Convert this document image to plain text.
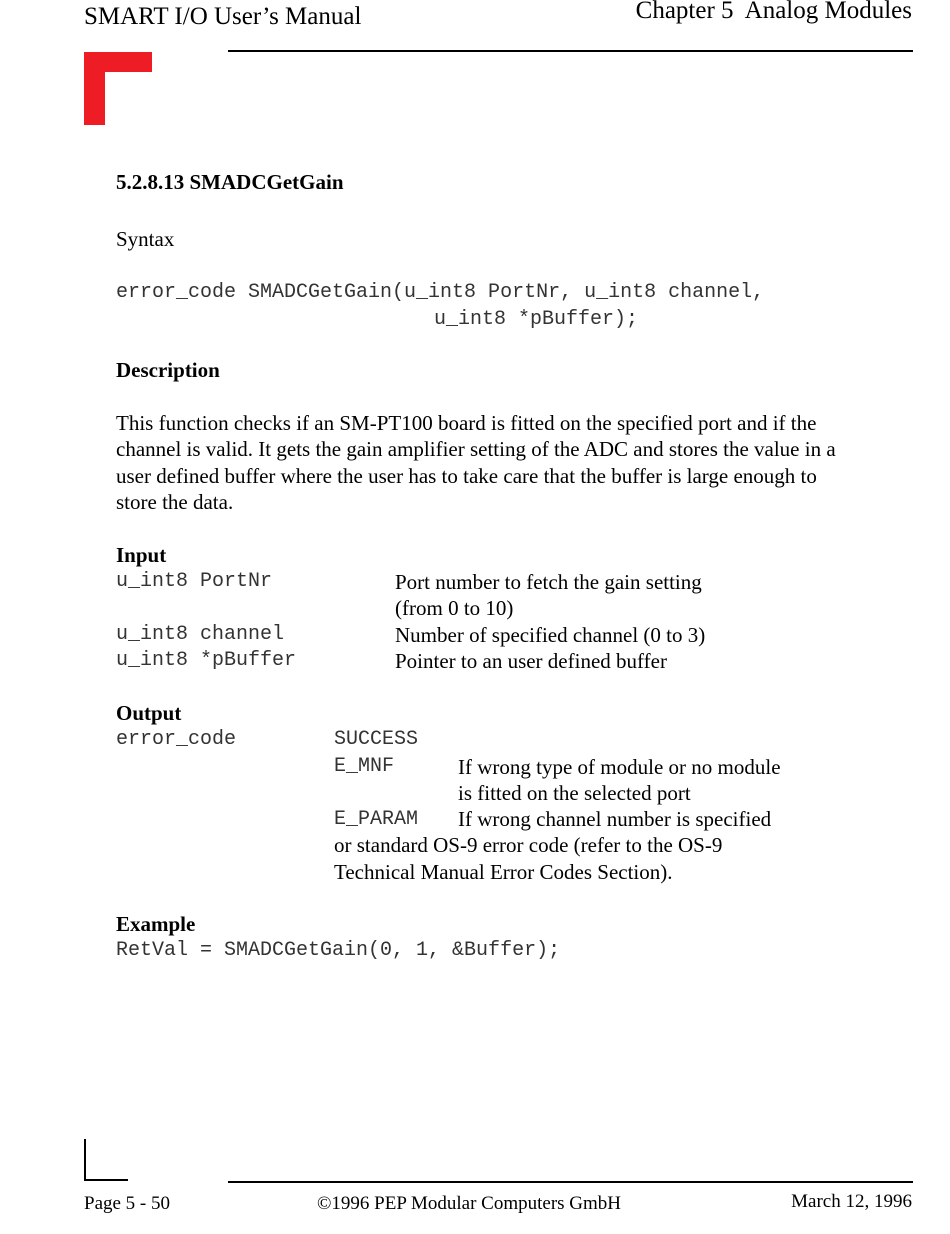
SMART I/O User’s Manual	Chapter 5  Analog Modules
5.2.8.13 SMADCGetGain
Syntax
error_code SMADCGetGain(u_int8 PortNr, u_int8 channel,
u_int8 *pBuffer);
Description
This function checks if an SM-PT100 board is fitted on the specified port and if the channel is valid. It gets the gain amplifier setting of the ADC and stores the value in a user defined buffer where the user has to take care that the buffer is large enough to store the data.
Input
u_int8 PortNr	Port number to fetch the gain setting
(from 0 to 10)
u_int8 channel	Number of specified channel (0 to 3)
u_int8 *pBuffer	Pointer to an user defined buffer
Output
error_code	SUCCESS
E_MNF	If wrong type of module or no module
is fitted on the selected port
E_PARAM If wrong channel number is specified
or standard OS-9 error code (refer to the OS-9
Technical Manual Error Codes Section).
Example
RetVal = SMADCGetGain(0, 1, &Buffer);
Page 5 - 50	©1996 PEP Modular Computers GmbH	March 12, 1996
